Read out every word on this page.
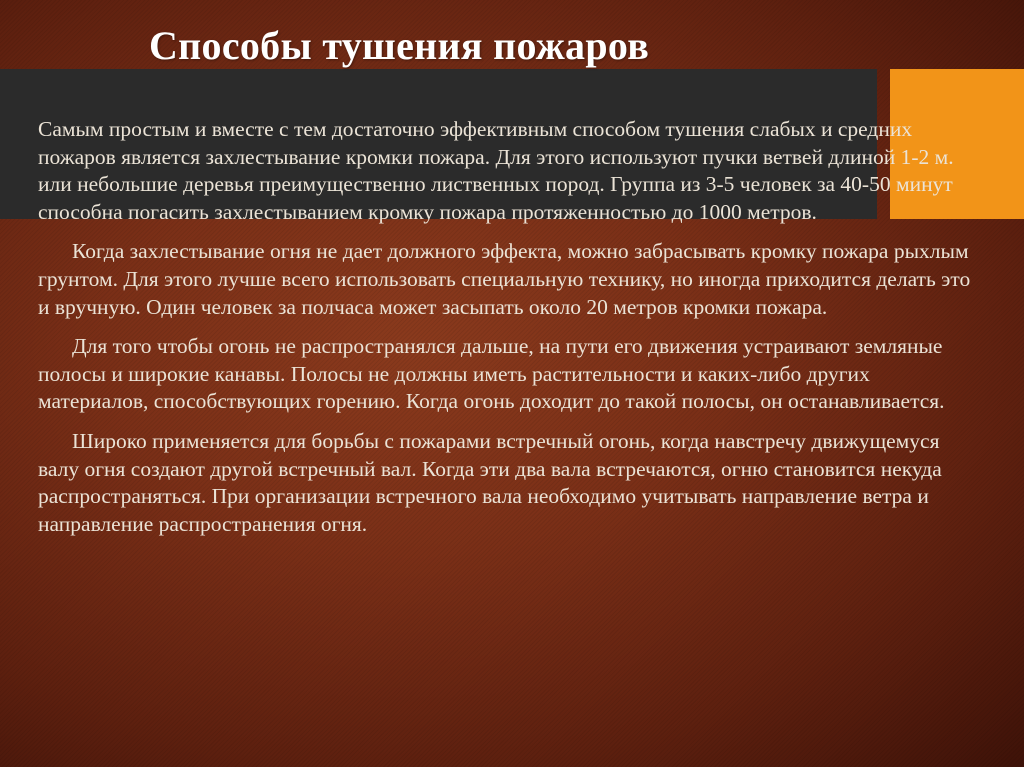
Способы тушения пожаров

Самым простым и вместе с тем достаточно эффективным способом тушения слабых и средних пожаров является захлестывание кромки пожара. Для этого используют пучки ветвей длиной 1-2 м. или небольшие деревья преимущественно лиственных пород. Группа из 3-5 человек за 40-50 минут способна погасить захлестыванием кромку пожара протяженностью до 1000 метров.

Когда захлестывание огня не дает должного эффекта, можно забрасывать кромку пожара рыхлым грунтом. Для этого лучше всего использовать специальную технику, но иногда приходится делать это и вручную. Один человек за полчаса может засыпать около 20 метров кромки пожара.

Для того чтобы огонь не распространялся дальше, на пути его движения устраивают земляные полосы и широкие канавы. Полосы не должны иметь растительности и каких-либо других материалов, способствующих горению. Когда огонь доходит до такой полосы, он останавливается.

Широко применяется для борьбы с пожарами встречный огонь, когда навстречу движущемуся валу огня создают другой встречный вал. Когда эти два вала встречаются, огню становится некуда распространяться. При организации встречного вала необходимо учитывать направление ветра и направление распространения огня.
